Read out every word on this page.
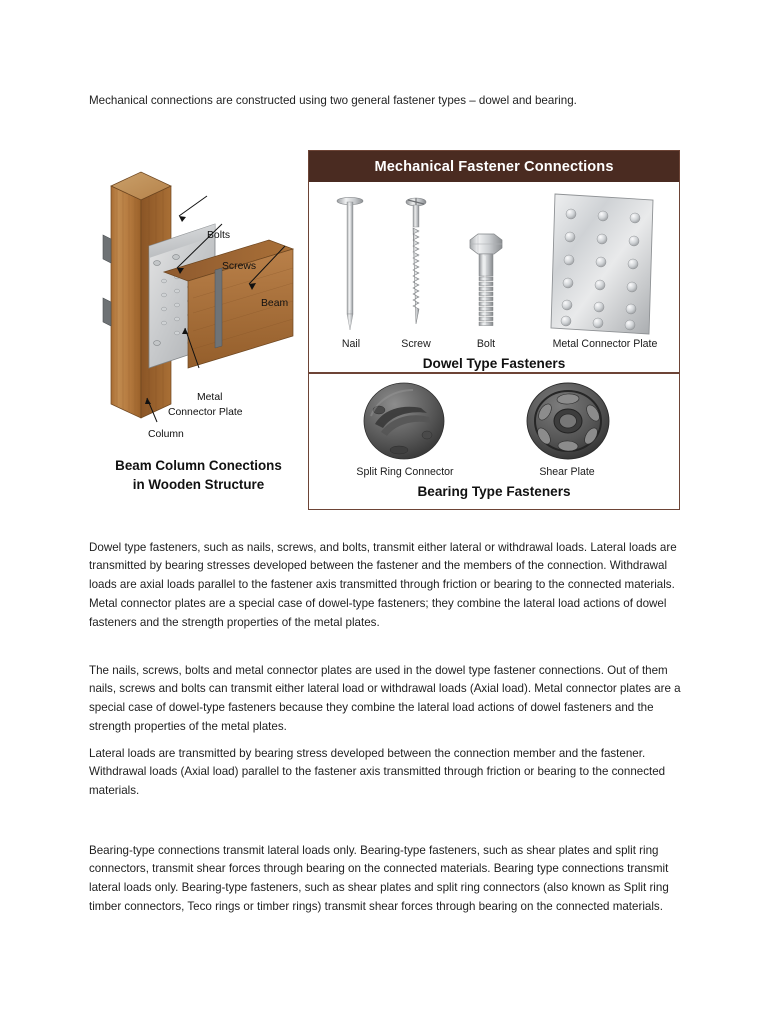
Mechanical connections are constructed using two general fastener types – dowel and bearing.
Bolts
Screws
Beam
Metal
Connector Plate
Column
Beam Column Conections
in Wooden Structure
Mechanical Fastener Connections
Nail	Screw	Bolt	Metal Connector Plate
Dowel Type Fasteners
Split Ring Connector	Shear Plate
Bearing Type Fasteners

Dowel type fasteners, such as nails, screws, and bolts, transmit either lateral or withdrawal loads. Lateral loads are transmitted by bearing stresses developed between the fastener and the members of the connection. Withdrawal loads are axial loads parallel to the fastener axis transmitted through friction or bearing to the connected materials. Metal connector plates are a special case of dowel-type fasteners; they combine the lateral load actions of dowel fasteners and the strength properties of the metal plates.

The nails, screws, bolts and metal connector plates are used in the dowel type fastener connections. Out of them nails, screws and bolts can transmit either lateral load or withdrawal loads (Axial load). Metal connector plates are a special case of dowel-type fasteners because they combine the lateral load actions of dowel fasteners and the strength properties of the metal plates.

Lateral loads are transmitted by bearing stress developed between the connection member and the fastener. Withdrawal loads (Axial load) parallel to the fastener axis transmitted through friction or bearing to the connected materials.

Bearing-type connections transmit lateral loads only. Bearing-type fasteners, such as shear plates and split ring connectors, transmit shear forces through bearing on the connected materials. Bearing type connections transmit lateral loads only. Bearing-type fasteners, such as shear plates and split ring connectors (also known as Split ring timber connectors, Teco rings or timber rings) transmit shear forces through bearing on the connected materials.
